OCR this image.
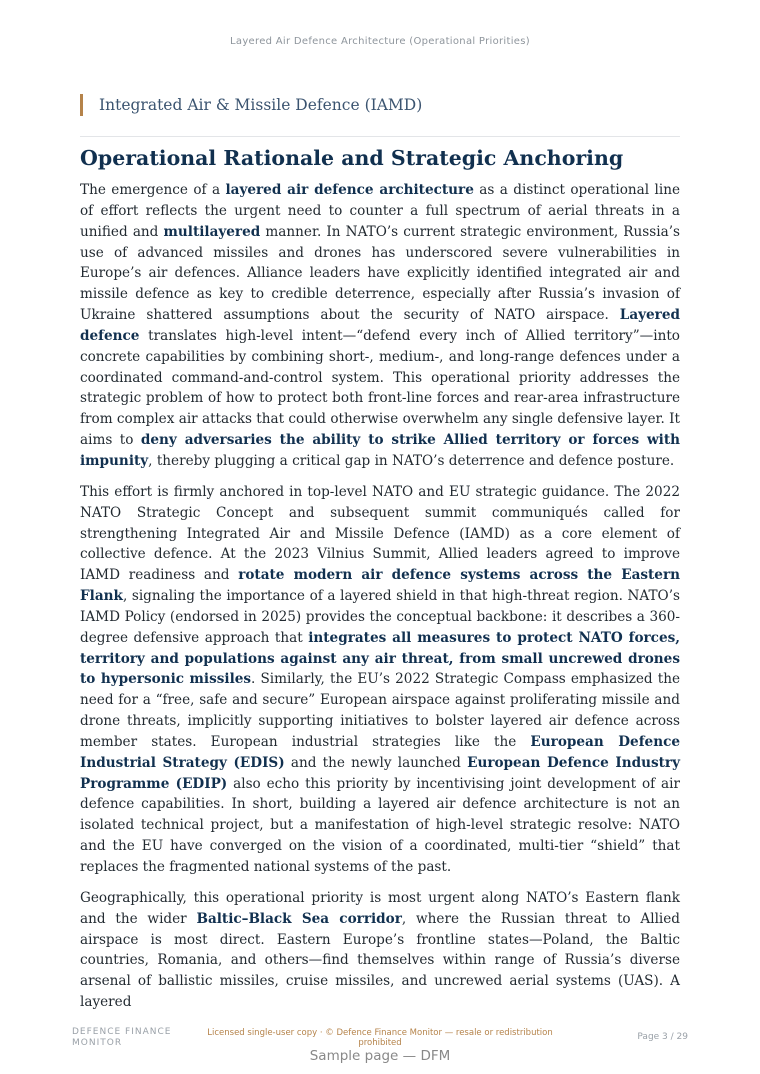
Layered Air Defence Architecture (Operational Priorities)
Integrated Air & Missile Defence (IAMD)
Operational Rationale and Strategic Anchoring

The emergence of a layered air defence architecture as a distinct operational line of effort reflects the urgent need to counter a full spectrum of aerial threats in a unified and multilayered manner. In NATO’s current strategic environment, Russia’s use of advanced missiles and drones has underscored severe vulnerabilities in Europe’s air defences. Alliance leaders have explicitly identified integrated air and missile defence as key to credible deterrence, especially after Russia’s invasion of Ukraine shattered assumptions about the security of NATO airspace. Layered defence translates high-level intent—“defend every inch of Allied territory”—into concrete capabilities by combining short-, medium-, and long-range defences under a coordinated command-and-control system. This operational priority addresses the strategic problem of how to protect both front-line forces and rear-area infrastructure from complex air attacks that could otherwise overwhelm any single defensive layer. It aims to deny adversaries the ability to strike Allied territory or forces with impunity, thereby plugging a critical gap in NATO’s deterrence and defence posture.

This effort is firmly anchored in top-level NATO and EU strategic guidance. The 2022 NATO Strategic Concept and subsequent summit communiqués called for strengthening Integrated Air and Missile Defence (IAMD) as a core element of collective defence. At the 2023 Vilnius Summit, Allied leaders agreed to improve IAMD readiness and rotate modern air defence systems across the Eastern Flank, signaling the importance of a layered shield in that high-threat region. NATO’s IAMD Policy (endorsed in 2025) provides the conceptual backbone: it describes a 360-degree defensive approach that integrates all measures to protect NATO forces, territory and populations against any air threat, from small uncrewed drones to hypersonic missiles. Similarly, the EU’s 2022 Strategic Compass emphasized the need for a “free, safe and secure” European airspace against proliferating missile and drone threats, implicitly supporting initiatives to bolster layered air defence across member states. European industrial strategies like the European Defence Industrial Strategy (EDIS) and the newly launched European Defence Industry Programme (EDIP) also echo this priority by incentivising joint development of air defence capabilities. In short, building a layered air defence architecture is not an isolated technical project, but a manifestation of high-level strategic resolve: NATO and the EU have converged on the vision of a coordinated, multi-tier “shield” that replaces the fragmented national systems of the past.

Geographically, this operational priority is most urgent along NATO’s Eastern flank and the wider Baltic–Black Sea corridor, where the Russian threat to Allied airspace is most direct. Eastern Europe’s frontline states—Poland, the Baltic countries, Romania, and others—find themselves within range of Russia’s diverse arsenal of ballistic missiles, cruise missiles, and uncrewed aerial systems (UAS). A layered

DEFENCE FINANCE MONITOR
Licensed single-user copy · © Defence Finance Monitor — resale or redistribution prohibited
Page 3 / 29
Sample page — DFM
